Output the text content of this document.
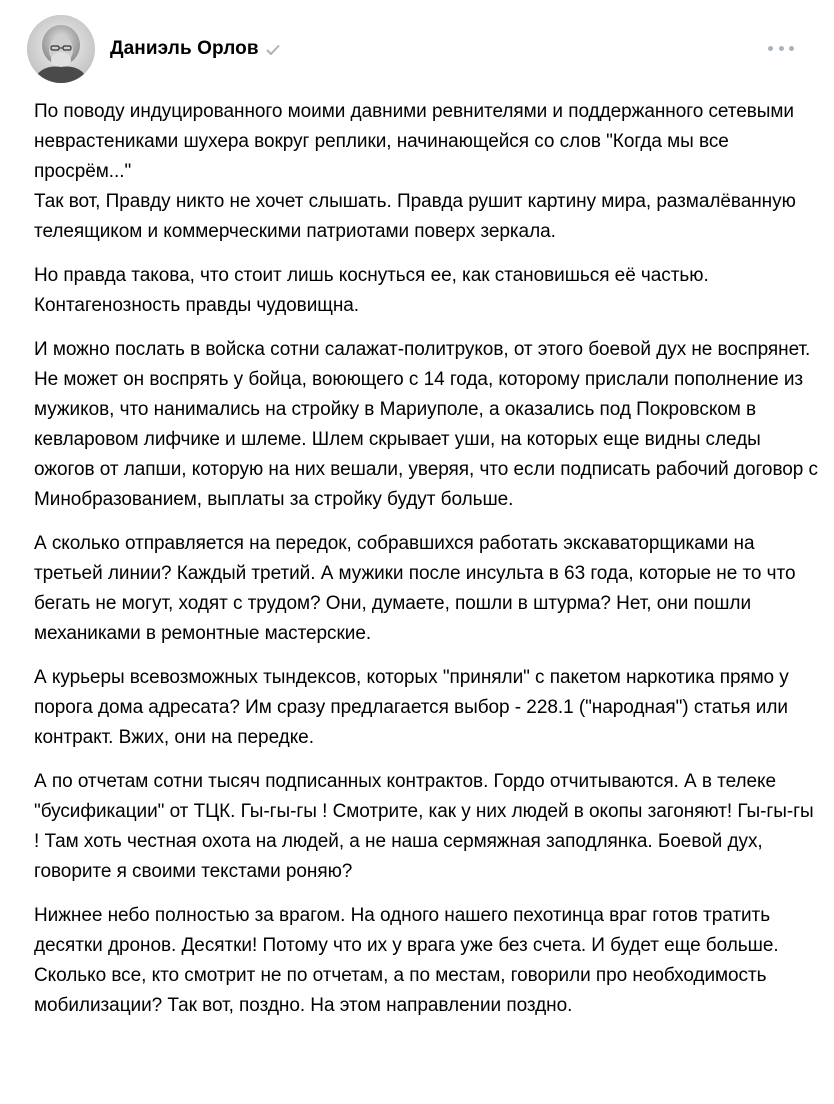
Даниэль Орлов

По поводу индуцированного моими давними ревнителями и поддержанного сетевыми неврастениками шухера вокруг реплики, начинающейся со слов "Когда мы все просрём..."
Так вот, Правду никто не хочет слышать. Правда рушит картину мира, размалёванную телеящиком и коммерческими патриотами поверх зеркала.

Но правда такова, что стоит лишь коснуться ее, как становишься её частью. Контагенозность правды чудовищна.

И можно послать в войска сотни салажат-политруков, от этого боевой дух не воспрянет. Не может он воспрять у бойца, воюющего с 14 года, которому прислали пополнение из мужиков, что нанимались на стройку в Мариуполе, а оказались под Покровском в кевларовом лифчике и шлеме. Шлем скрывает уши, на которых еще видны следы ожогов от лапши, которую на них вешали, уверяя, что если подписать рабочий договор с Минобразованием, выплаты за стройку будут больше.

А сколько отправляется на передок, собравшихся работать экскаваторщиками на третьей линии? Каждый третий. А мужики после инсульта в 63 года, которые не то что бегать не могут, ходят с трудом? Они, думаете, пошли в штурма? Нет, они пошли механиками в ремонтные мастерские.

А курьеры всевозможных тындексов, которых "приняли" с пакетом наркотика прямо у порога дома адресата? Им сразу предлагается выбор - 228.1 ("народная") статья или контракт. Вжих, они на передке.

А по отчетам сотни тысяч подписанных контрактов. Гордо отчитываются. А в телеке "бусификации" от ТЦК. Гы-гы-гы ! Смотрите, как у них людей в окопы загоняют! Гы-гы-гы ! Там хоть честная охота на людей, а не наша сермяжная заподлянка. Боевой дух, говорите я своими текстами роняю?

Нижнее небо полностью за врагом. На одного нашего пехотинца враг готов тратить десятки дронов. Десятки! Потому что их у врага уже без счета. И будет еще больше. Сколько все, кто смотрит не по отчетам, а по местам, говорили про необходимость мобилизации? Так вот, поздно. На этом направлении поздно.
